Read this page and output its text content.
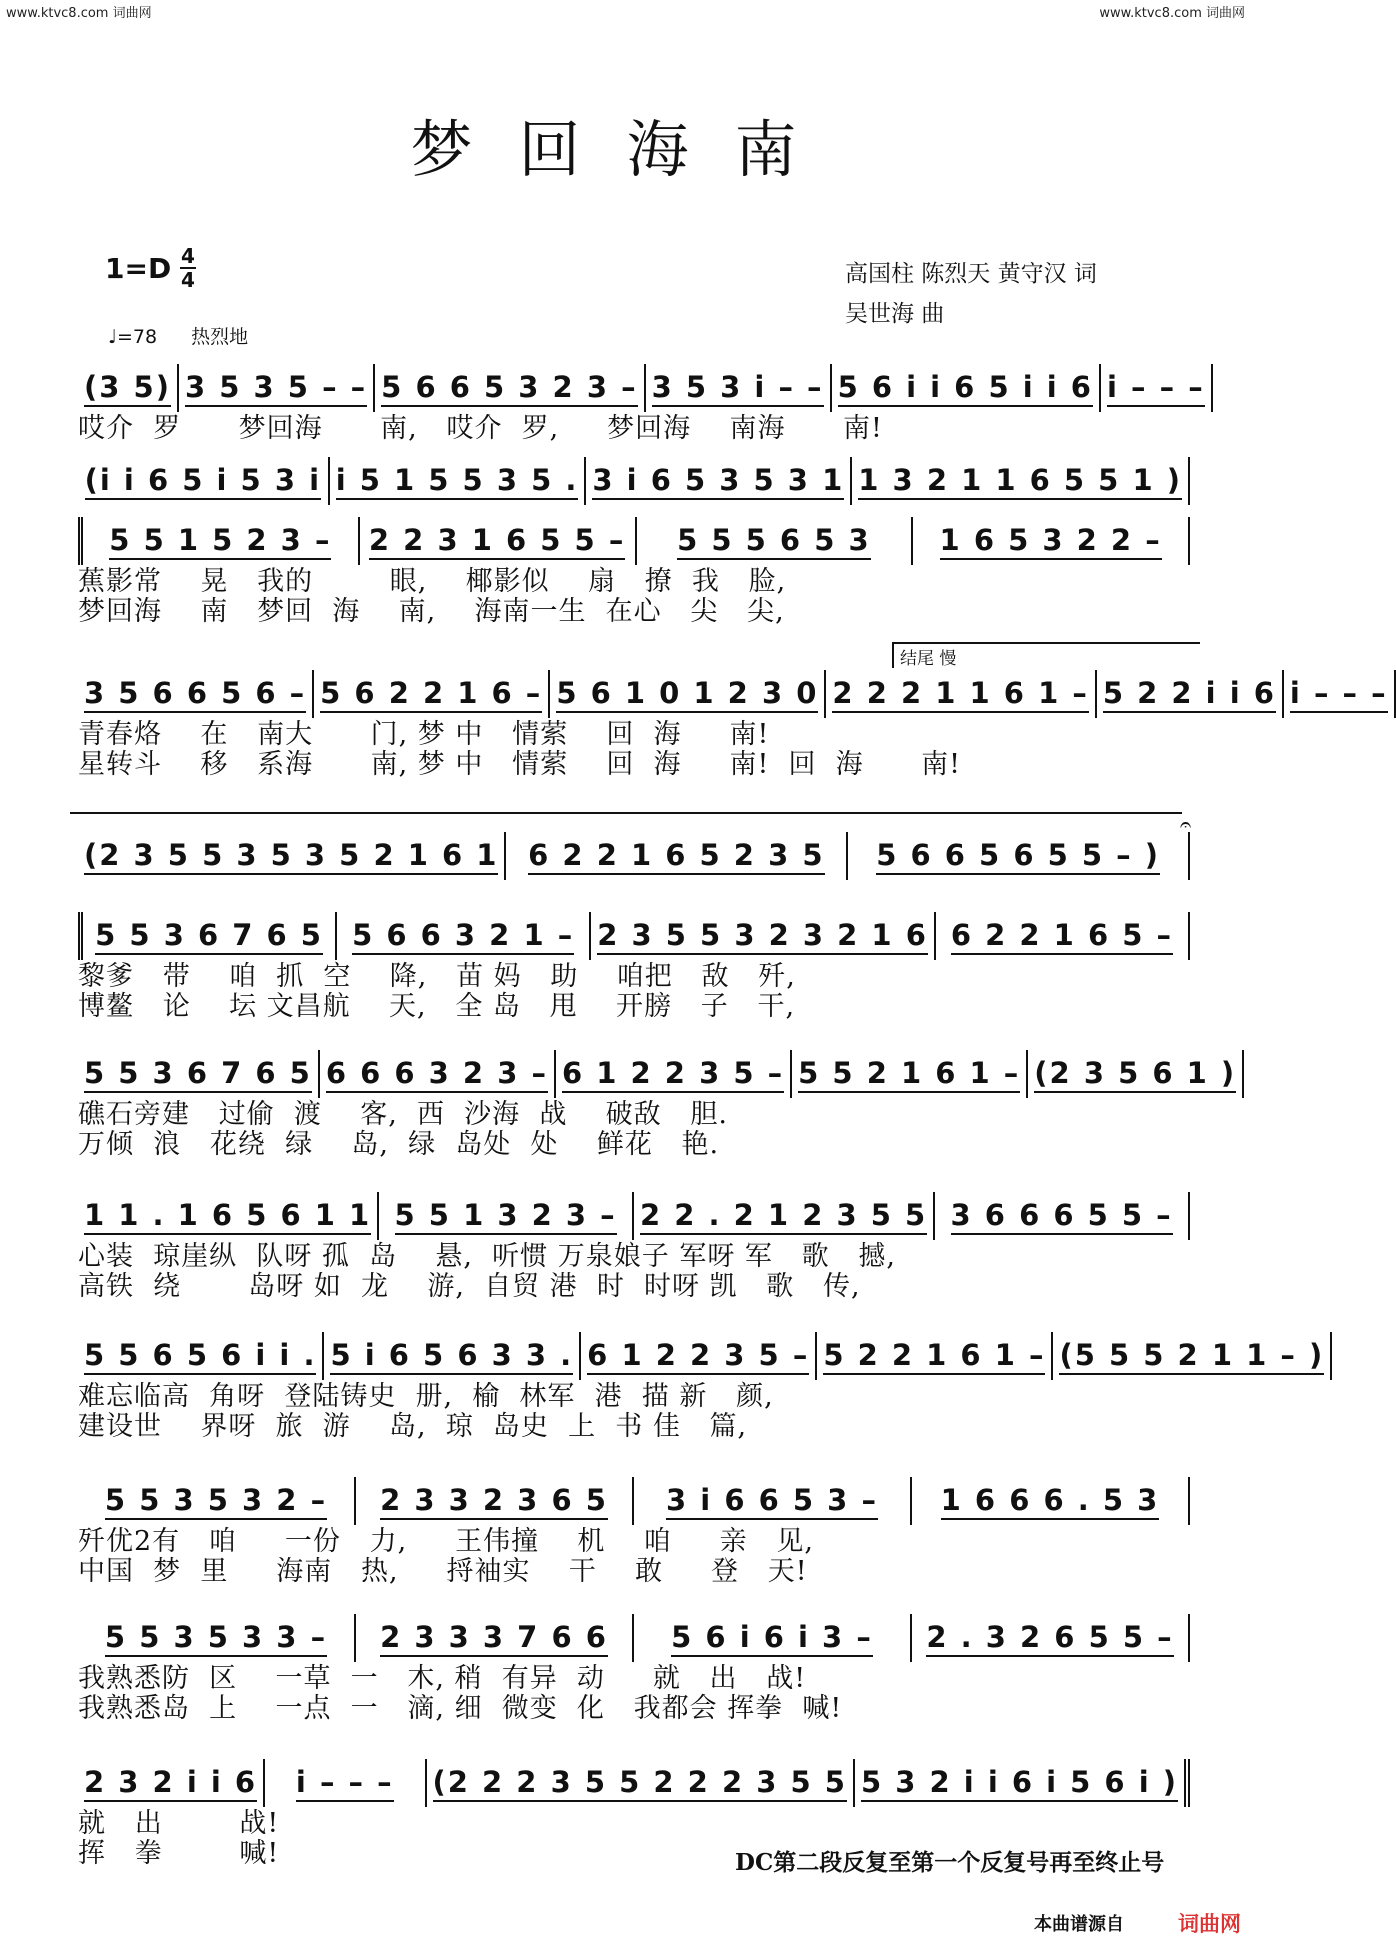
www.ktvc8.com 词曲网	www.ktvc8.com 词曲网
梦回海南
1=D 4
4	高国柱 陈烈天 黄守汉 词
吴世海 曲
♩=78 热烈地
结尾 慢
𝄐
(3 5) 3 5 3 5 – – 5 6 6 5 3 2 3 – 3 5 3 i – – 5 6 i i 6 5 i i 6 i – – –
哎介  罗      梦回海      南,   哎介  罗,     梦回海    南海      南!
(i i 6 5 i 5 3 i i 5 1 5 5 3 5 . 3 i 6 5 3 5 3 1 1 3 2 1 1 6 5 5 1 )
5 5 1 5 2 3 – 2 2 3 1 6 5 5 – 5 5 5 6 5 3 1 6 5 3 2 2 –
蕉影常    晃   我的        眼,    椰影似    扇   撩  我   脸,
梦回海    南   梦回  海    南,    海南一生  在心   尖   尖,
3 5 6 6 5 6 – 5 6 2 2 1 6 – 5 6 1 0 1 2 3 0 2 2 2 1 1 6 1 – 5 2 2 i i 6 i – – –
青春烙    在   南大      门, 梦 中   情萦    回  海     南!
星转斗    移   系海      南, 梦 中   情萦    回  海     南!  回  海      南!
(2 3 5 5 3 5 3 5 2 1 6 1 6 2 2 1 6 5 2 3 5 5 6 6 5 6 5 5 – )
5 5 3 6 7 6 5 5 6 6 3 2 1 – 2 3 5 5 3 2 3 2 1 6 6 2 2 1 6 5 –
黎爹   带    咱  抓  空    降,   苗 妈   助    咱把   敌   歼,
博鳌   论    坛 文昌航    天,   全 岛   甩    开膀   子   干,
5 5 3 6 7 6 5 6 6 6 3 2 3 – 6 1 2 2 3 5 – 5 5 2 1 6 1 – (2 3 5 6 1 )
礁石旁建   过偷  渡    客,  西  沙海  战    破敌   胆.
万倾  浪   花绕  绿    岛,  绿  岛处  处    鲜花   艳.
1 1 . 1 6 5 6 1 1 5 5 1 3 2 3 – 2 2 . 2 1 2 3 5 5 3 6 6 6 5 5 –
心装  琼崖纵  队呀 孤  岛    悬,  听惯 万泉娘子 军呀 军   歌   撼,
高铁  绕       岛呀 如  龙    游,  自贸 港  时  时呀 凯   歌   传,
5 5 6 5 6 i i . 5 i 6 5 6 3 3 . 6 1 2 2 3 5 – 5 2 2 1 6 1 – (5 5 5 2 1 1 – )
难忘临高  角呀  登陆铸史  册,  榆  林军  港  描 新   颜,
建设世    界呀  旅  游    岛,  琼  岛史  上  书 佳   篇,
5 5 3 5 3 2 – 2 3 3 2 3 6 5 3 i 6 6 5 3 – 1 6 6 6 . 5 3
歼优2有   咱     一份   力,     王伟撞    机    咱     亲   见,
中国  梦  里     海南   热,     捋袖实    干    敢     登   天!
5 5 3 5 3 3 – 2 3 3 3 7 6 6 5 6 i 6 i 3 – 2 . 3 2 6 5 5 –
我熟悉防  区    一草  一   木, 稍  有异  动     就   出   战!
我熟悉岛  上    一点  一   滴, 细  微变  化   我都会 挥拳  喊!
2 3 2 i i 6 i – – – (2 2 2 3 5 5 2 2 2 3 5 5 5 3 2 i i 6 i 5 6 i )
就   出        战!
挥   拳        喊!	DC第二段反复至第一个反复号再至终止号
本曲谱源自	词曲网
